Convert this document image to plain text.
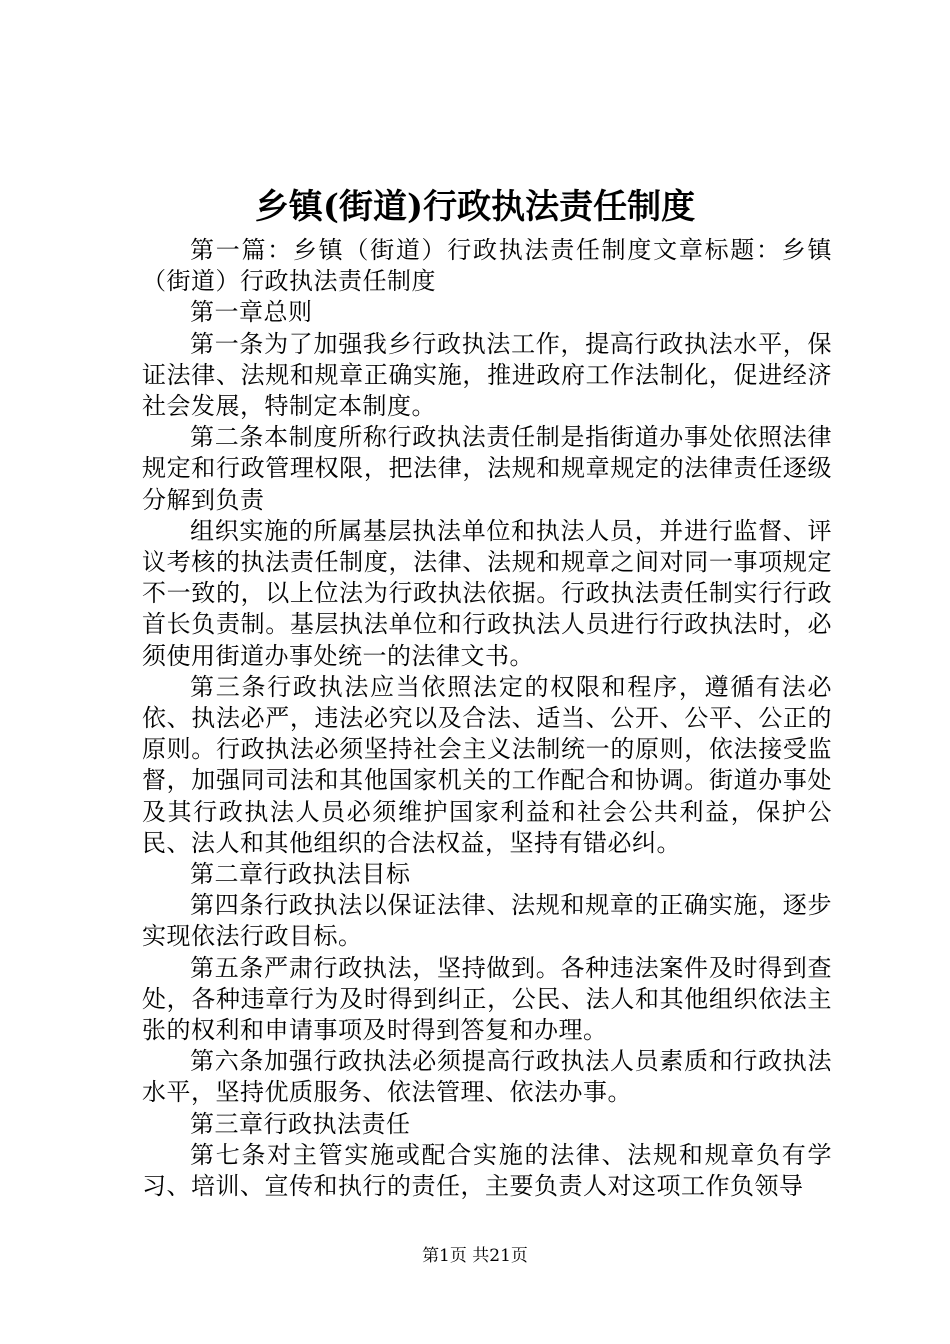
乡镇(街道)行政执法责任制度

第一篇：乡镇（街道）行政执法责任制度文章标题：乡镇（街道）行政执法责任制度

第一章总则

第一条为了加强我乡行政执法工作，提高行政执法水平，保证法律、法规和规章正确实施，推进政府工作法制化，促进经济社会发展，特制定本制度。

第二条本制度所称行政执法责任制是指街道办事处依照法律规定和行政管理权限，把法律，法规和规章规定的法律责任逐级分解到负责

组织实施的所属基层执法单位和执法人员，并进行监督、评议考核的执法责任制度，法律、法规和规章之间对同一事项规定不一致的，以上位法为行政执法依据。行政执法责任制实行行政首长负责制。基层执法单位和行政执法人员进行行政执法时，必须使用街道办事处统一的法律文书。

第三条行政执法应当依照法定的权限和程序，遵循有法必依、执法必严，违法必究以及合法、适当、公开、公平、公正的原则。行政执法必须坚持社会主义法制统一的原则，依法接受监督，加强同司法和其他国家机关的工作配合和协调。街道办事处及其行政执法人员必须维护国家利益和社会公共利益，保护公民、法人和其他组织的合法权益，坚持有错必纠。

第二章行政执法目标

第四条行政执法以保证法律、法规和规章的正确实施，逐步实现依法行政目标。

第五条严肃行政执法，坚持做到。各种违法案件及时得到查处，各种违章行为及时得到纠正，公民、法人和其他组织依法主张的权利和申请事项及时得到答复和办理。

第六条加强行政执法必须提高行政执法人员素质和行政执法水平，坚持优质服务、依法管理、依法办事。

第三章行政执法责任

第七条对主管实施或配合实施的法律、法规和规章负有学习、培训、宣传和执行的责任，主要负责人对这项工作负领导

第1页 共21页
